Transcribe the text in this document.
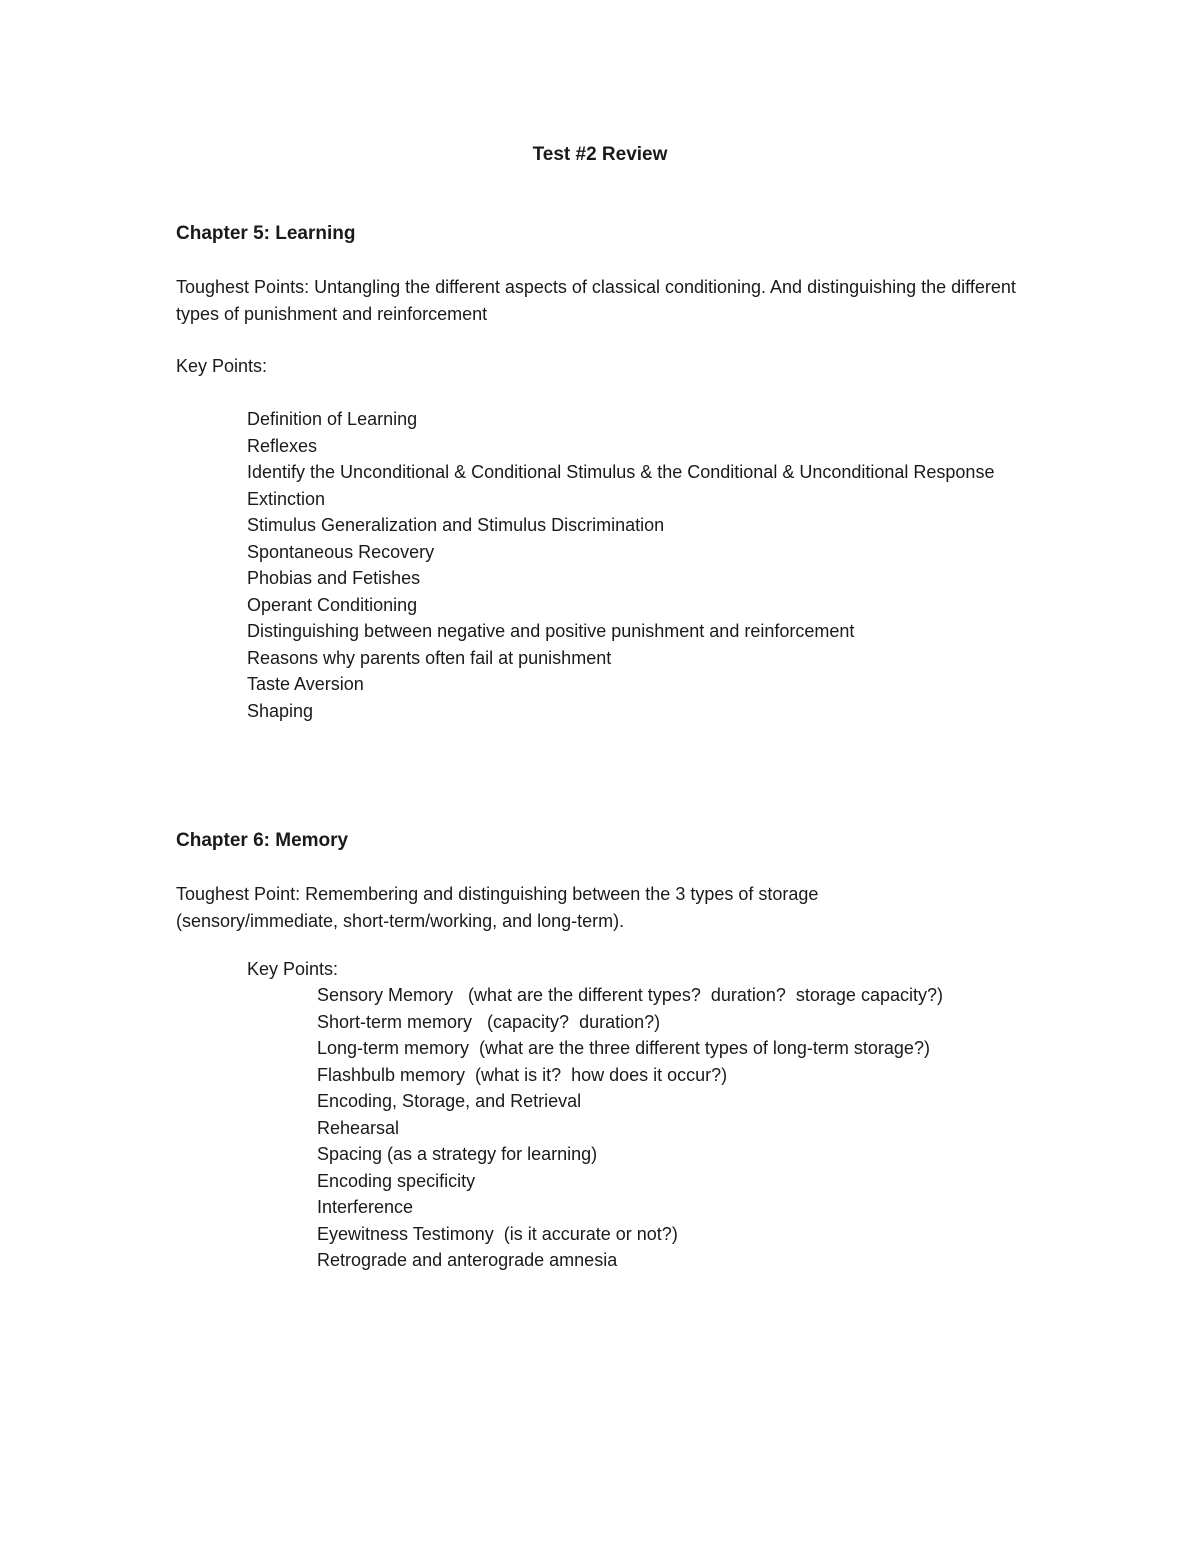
Test #2 Review
Chapter 5: Learning
Toughest Points: Untangling the different aspects of classical conditioning. And distinguishing the different types of punishment and reinforcement
Key Points:
Definition of Learning
Reflexes
Identify the Unconditional & Conditional Stimulus & the Conditional & Unconditional Response
Extinction
Stimulus Generalization and Stimulus Discrimination
Spontaneous Recovery
Phobias and Fetishes
Operant Conditioning
Distinguishing between negative and positive punishment and reinforcement
Reasons why parents often fail at punishment
Taste Aversion
Shaping
Chapter 6: Memory
Toughest Point: Remembering and distinguishing between the 3 types of storage (sensory/immediate, short-term/working, and long-term).
Key Points:
Sensory Memory   (what are the different types?  duration?  storage capacity?)
Short-term memory   (capacity?  duration?)
Long-term memory  (what are the three different types of long-term storage?)
Flashbulb memory  (what is it?  how does it occur?)
Encoding, Storage, and Retrieval
Rehearsal
Spacing (as a strategy for learning)
Encoding specificity
Interference
Eyewitness Testimony  (is it accurate or not?)
Retrograde and anterograde amnesia
